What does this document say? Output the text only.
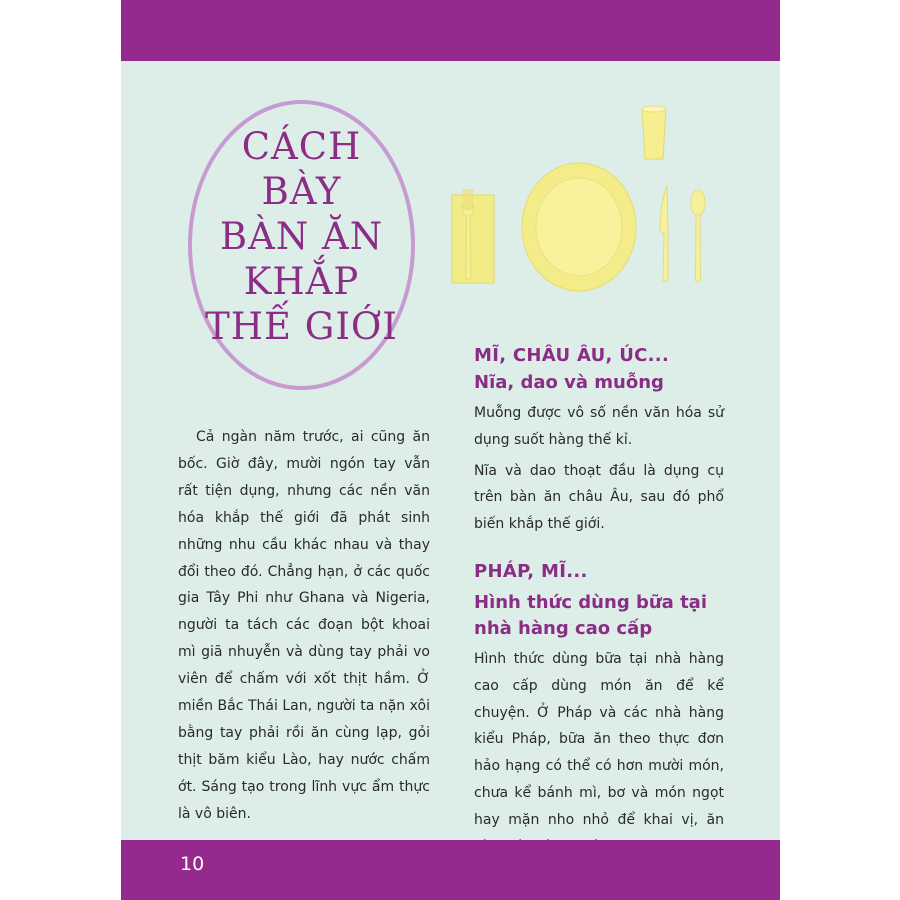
CÁCH
BÀY
BÀN ĂN
KHẮP
THẾ GIỚI

Cả ngàn năm trước, ai cũng ăn bốc. Giờ đây, mười ngón tay vẫn rất tiện dụng, nhưng các nền văn hóa khắp thế giới đã phát sinh những nhu cầu khác nhau và thay đổi theo đó. Chẳng hạn, ở các quốc gia Tây Phi như Ghana và Nigeria, người ta tách các đoạn bột khoai mì giã nhuyễn và dùng tay phải vo viên để chấm với xốt thịt hầm. Ở miền Bắc Thái Lan, người ta nặn xôi bằng tay phải rồi ăn cùng lạp, gỏi thịt băm kiểu Lào, hay nước chấm ớt. Sáng tạo trong lĩnh vực ẩm thực là vô biên.

MĨ, CHÂU ÂU, ÚC...

Nĩa, dao và muỗng

Muỗng được vô số nền văn hóa sử dụng suốt hàng thế kỉ.

Nĩa và dao thoạt đầu là dụng cụ trên bàn ăn châu Âu, sau đó phổ biến khắp thế giới.

PHÁP, MĨ...

Hình thức dùng bữa tại nhà hàng cao cấp

Hình thức dùng bữa tại nhà hàng cao cấp dùng món ăn để kể chuyện. Ở Pháp và các nhà hàng kiểu Pháp, bữa ăn theo thực đơn hảo hạng có thể có hơn mười món, chưa kể bánh mì, bơ và món ngọt hay mặn nho nhỏ để khai vị, ăn

10
